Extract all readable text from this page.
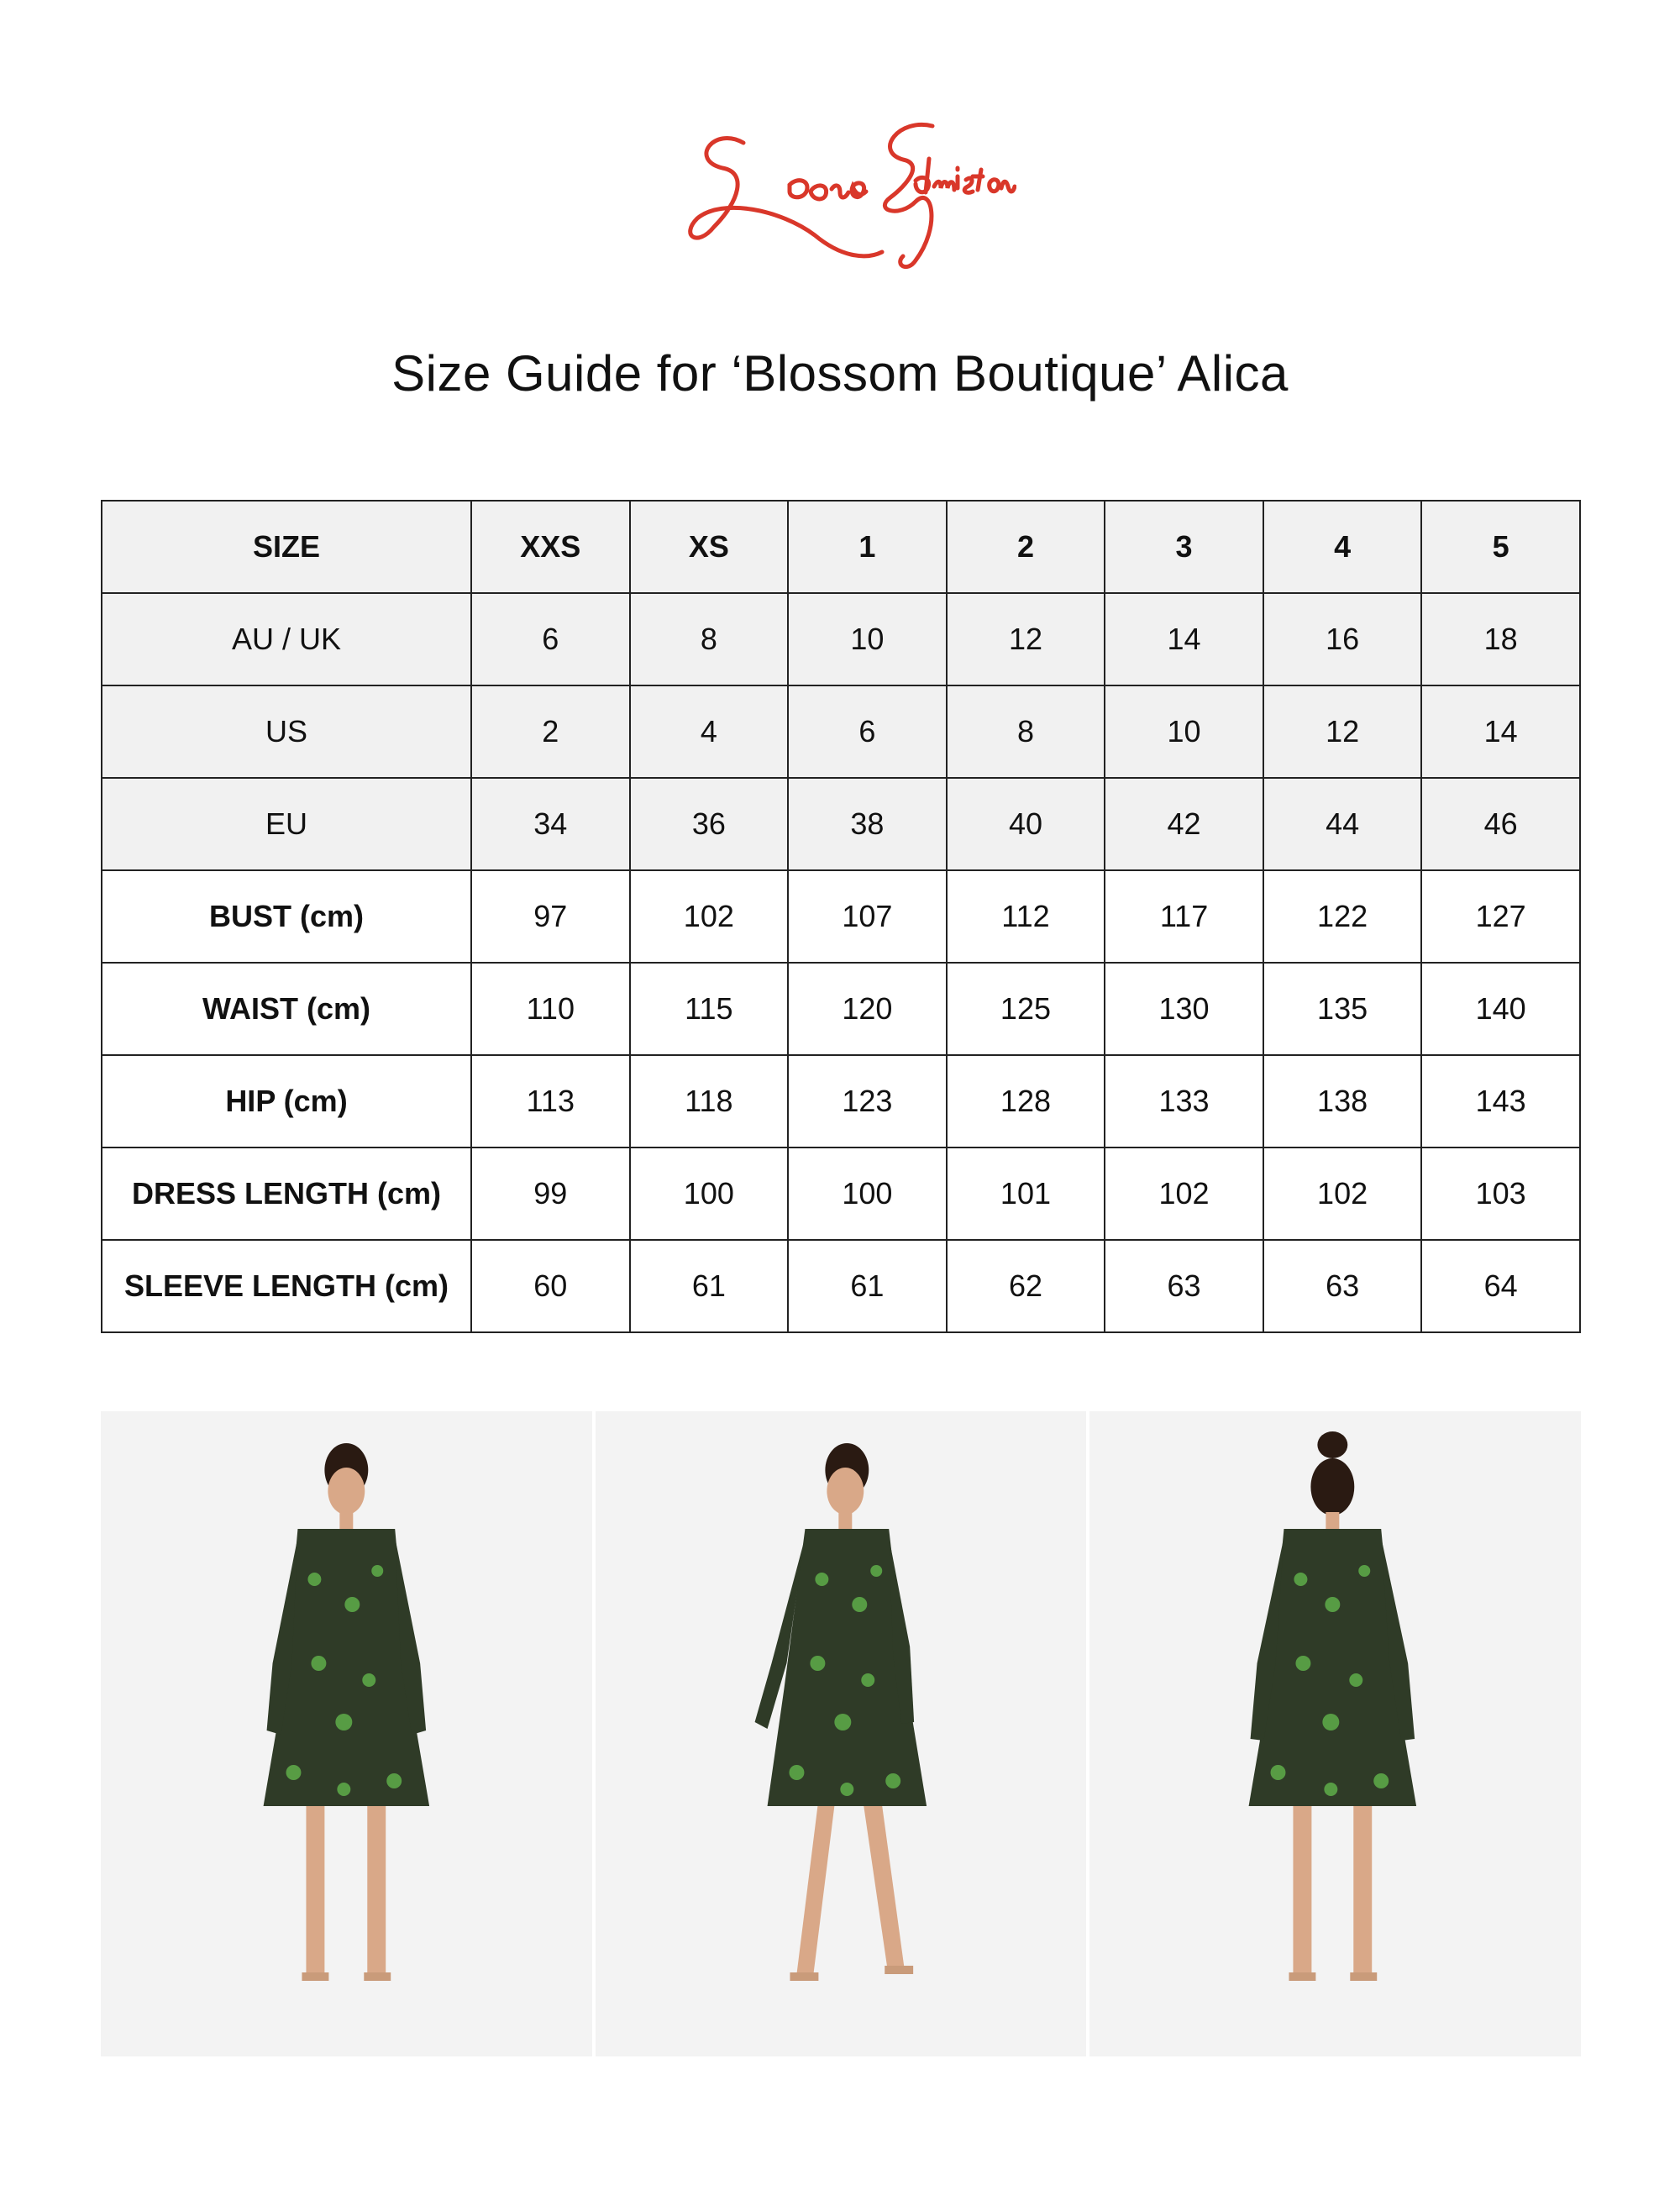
Size Guide for ‘Blossom Boutique’ Alica
SIZE	XXS	XS	1	2	3	4	5
AU / UK	6	8	10	12	14	16	18
US	2	4	6	8	10	12	14
EU	34	36	38	40	42	44	46
BUST (cm)	97	102	107	112	117	122	127
WAIST (cm)	110	115	120	125	130	135	140
HIP (cm)	113	118	123	128	133	138	143
DRESS LENGTH (cm)	99	100	100	101	102	102	103
SLEEVE LENGTH (cm)	60	61	61	62	63	63	64
